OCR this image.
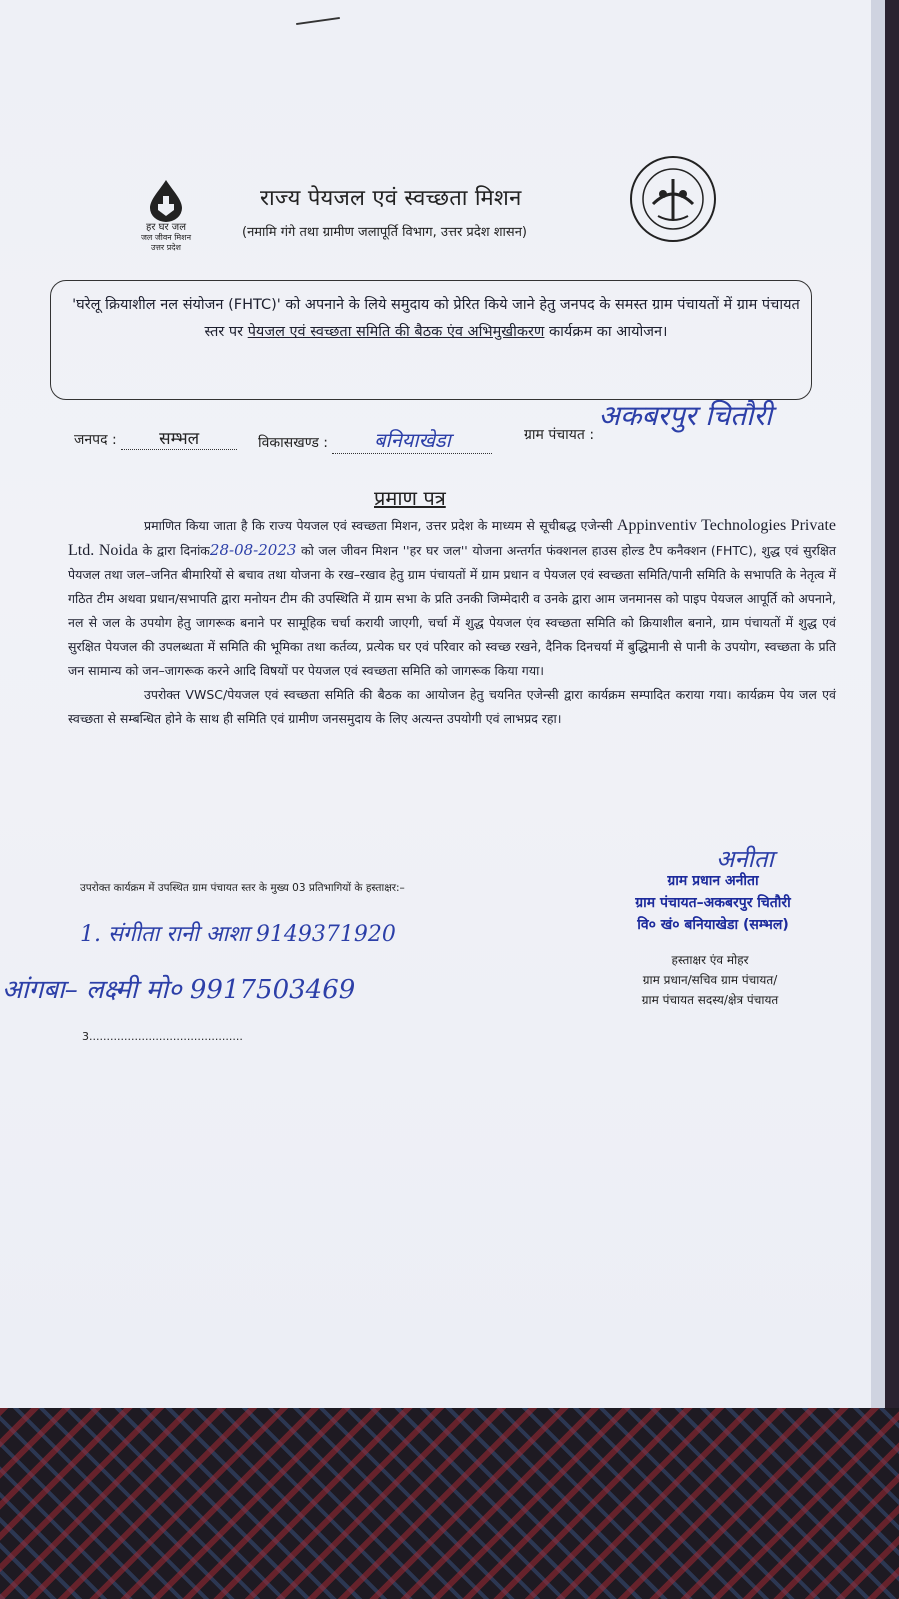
हर घर जल
जल जीवन मिशन
उत्तर प्रदेश
राज्य पेयजल एवं स्वच्छता मिशन
(नमामि गंगे तथा ग्रामीण जलापूर्ति विभाग, उत्तर प्रदेश शासन)
'घरेलू क्रियाशील नल संयोजन (FHTC)' को अपनाने के लिये समुदाय को प्रेरित किये जाने हेतु जनपद के समस्त ग्राम पंचायतों में ग्राम पंचायत स्तर पर पेयजल एवं स्वच्छता समिति की बैठक एंव अभिमुखीकरण कार्यक्रम का आयोजन।
जनपद : सम्भल	विकासखण्ड : बनियाखेडा	ग्राम पंचायत : अकबरपुर चितौरी
प्रमाण पत्र

प्रमाणित किया जाता है कि राज्य पेयजल एवं स्वच्छता मिशन, उत्तर प्रदेश के माध्यम से सूचीबद्ध एजेन्सी Appinventiv Technologies Private Ltd. Noida के द्वारा दिनांक28-08-2023 को जल जीवन मिशन ''हर घर जल'' योजना अन्तर्गत फंक्शनल हाउस होल्ड टैप कनैक्शन (FHTC), शुद्ध एवं सुरक्षित पेयजल तथा जल–जनित बीमारियों से बचाव तथा योजना के रख–रखाव हेतु ग्राम पंचायतों में ग्राम प्रधान व पेयजल एवं स्वच्छता समिति/पानी समिति के सभापति के नेतृत्व में गठित टीम अथवा प्रधान/सभापति द्वारा मनोयन टीम की उपस्थिति में ग्राम सभा के प्रति उनकी जिम्मेदारी व उनके द्वारा आम जनमानस को पाइप पेयजल आपूर्ति को अपनाने, नल से जल के उपयोग हेतु जागरूक बनाने पर सामूहिक चर्चा करायी जाएगी, चर्चा में शुद्ध पेयजल एंव स्वच्छता समिति को क्रियाशील बनाने, ग्राम पंचायतों में शुद्ध एवं सुरक्षित पेयजल की उपलब्धता में समिति की भूमिका तथा कर्तव्य, प्रत्येक घर एवं परिवार को स्वच्छ रखने, दैनिक दिनचर्या में बुद्धिमानी से पानी के उपयोग, स्वच्छता के प्रति जन सामान्य को जन–जागरूक करने आदि विषयों पर पेयजल एवं स्वच्छता समिति को जागरूक किया गया।

उपरोक्त VWSC/पेयजल एवं स्वच्छता समिति की बैठक का आयोजन हेतु चयनित एजेन्सी द्वारा कार्यक्रम सम्पादित कराया गया। कार्यक्रम पेय जल एवं स्वच्छता से सम्बन्धित होने के साथ ही समिति एवं ग्रामीण जनसमुदाय के लिए अत्यन्त उपयोगी एवं लाभप्रद रहा।

उपरोक्त कार्यक्रम में उपस्थित ग्राम पंचायत स्तर के मुख्य 03 प्रतिभागियों के हस्ताक्षर:–
1. संगीता रानी आशा 9149371920
आंगबा– लक्ष्मी मो० 9917503469
3............................................
अनीता
ग्राम प्रधान अनीता
ग्राम पंचायत–अकबरपुर चितौरी
वि० खं० बनियाखेडा (सम्भल)
हस्ताक्षर एंव मोहर
ग्राम प्रधान/सचिव ग्राम पंचायत/
ग्राम पंचायत सदस्य/क्षेत्र पंचायत
